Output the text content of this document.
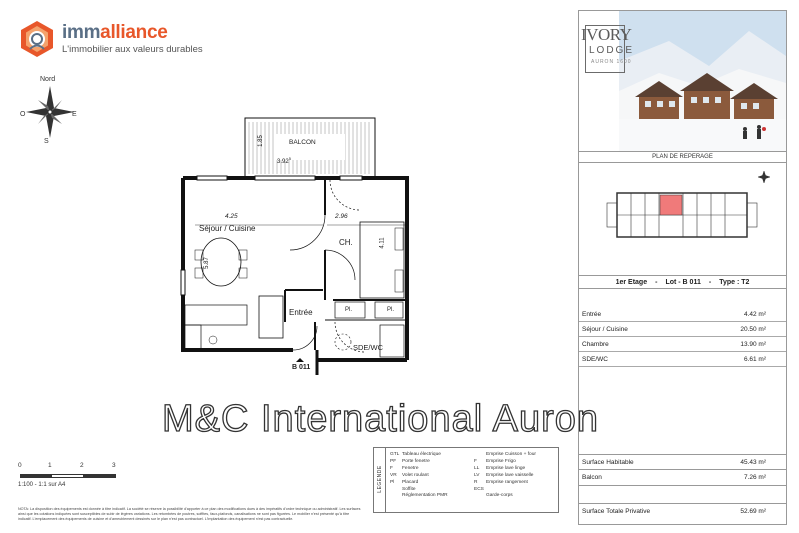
immalliance
L'immobilier aux valeurs durables
Nord
O	E
S	BALCON
3.92$^5$
1.85
4.25	2.96
Séjour / Cuisine
5.87
CH.	4.11
Entrée
SDE/WC
Pl.	Pl.
B 011
M&C International Auron
0	1	2	3
1:100 - 1:1 sur A4	LEGENDE
GTL Tableau électrique
PF Porte fenetre
F Fenetre
VR Volet roulant
Pl Placard
Soffite
Réglementation PMR
Emprise Cuisson + four
F Emprise Frigo
LL Emprise lave linge
LV Emprise lave vaisselle
R Emprise rangement
ECS
Garde-corps
NOTA: La disposition des équipements est donnée à titre indicatif. La société se réserve la possibilité d'apporter à ce plan des modifications dues à des impératifs d'ordre technique ou administratif. Les surfaces ainsi que les cotations indiquées sont susceptibles de subir de légères variations. Les retombées de poutres, soffites, faux-plafonds, canalisations ne sont pas figurées. Le mobilier n'est présenté qu'à titre indicatif. L'emplacement des équipements de cuisine et d'ameublement dessinés sur le plan n'est pas contractuel. L'implantation des équipement n'est pas contractuelle.
IVORY
LODGE
AURON 1600
PLAN DE REPERAGE
1er Etage - Lot - B 011 - Type : T2
Entrée	4.42 m²
Séjour / Cuisine	20.50 m²
Chambre	13.90 m²
SDE/WC	6.61 m²
Surface Habitable	45.43 m²
Balcon	7.26 m²
Surface Totale Privative	52.69 m²
